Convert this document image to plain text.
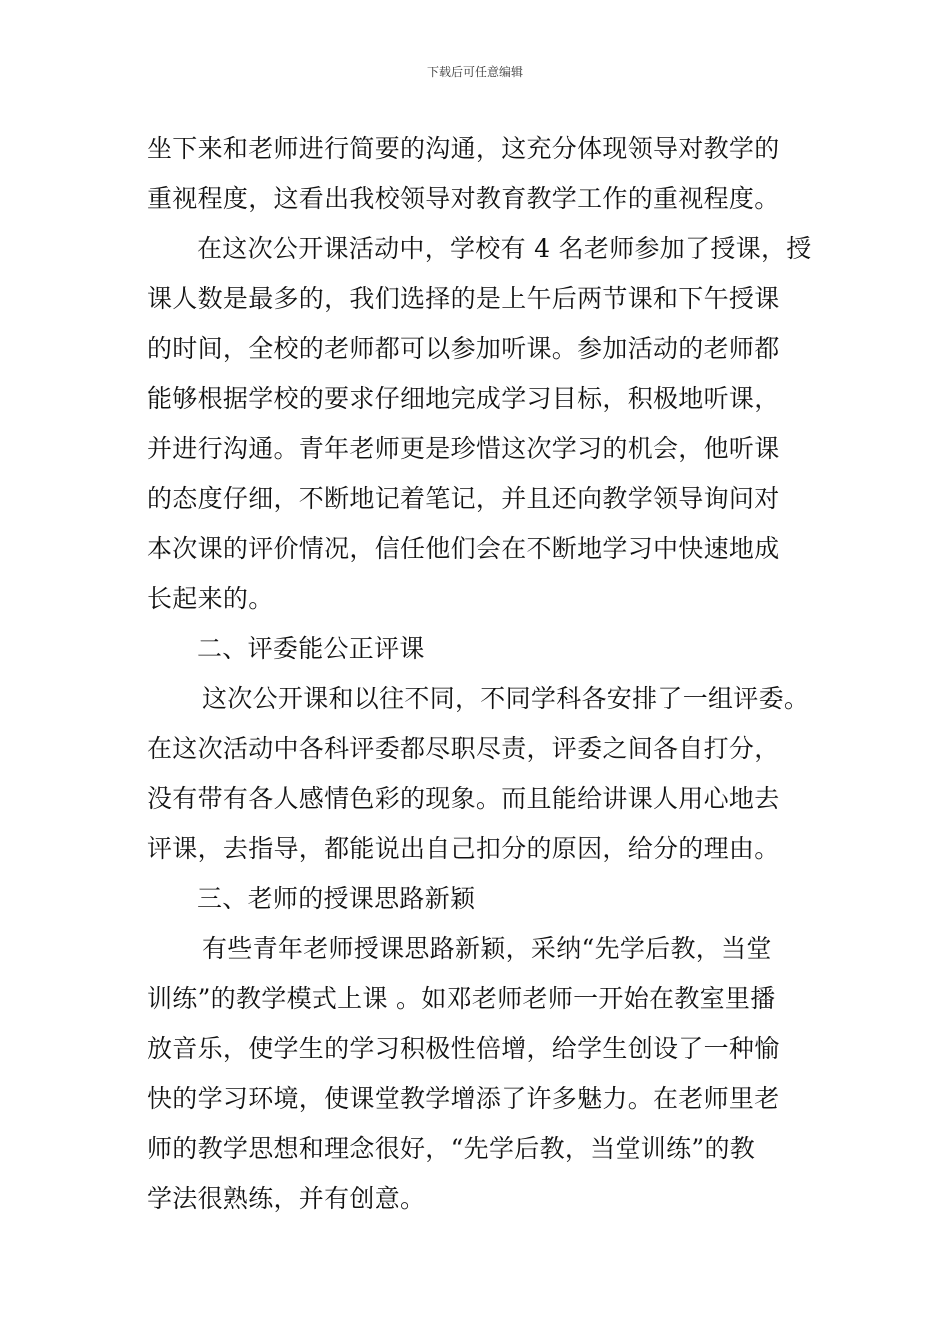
下载后可任意编辑
坐下来和老师进行简要的沟通，这充分体现领导对教学的
重视程度，这看出我校领导对教育教学工作的重视程度。
在这次公开课活动中，学校有 4 名老师参加了授课，授
课人数是最多的，我们选择的是上午后两节课和下午授课
的时间，全校的老师都可以参加听课。参加活动的老师都
能够根据学校的要求仔细地完成学习目标，积极地听课，
并进行沟通。青年老师更是珍惜这次学习的机会，他听课
的态度仔细，不断地记着笔记，并且还向教学领导询问对
本次课的评价情况，信任他们会在不断地学习中快速地成
长起来的。
二、评委能公正评课
这次公开课和以往不同，不同学科各安排了一组评委。
在这次活动中各科评委都尽职尽责，评委之间各自打分，
没有带有各人感情色彩的现象。而且能给讲课人用心地去
评课，去指导，都能说出自己扣分的原因，给分的理由。
三、老师的授课思路新颖
有些青年老师授课思路新颖，采纳“先学后教，当堂
训练”的教学模式上课 。如邓老师老师一开始在教室里播
放音乐，使学生的学习积极性倍增，给学生创设了一种愉
快的学习环境，使课堂教学增添了许多魅力。在老师里老
师的教学思想和理念很好，“先学后教，当堂训练”的教
学法很熟练，并有创意。
